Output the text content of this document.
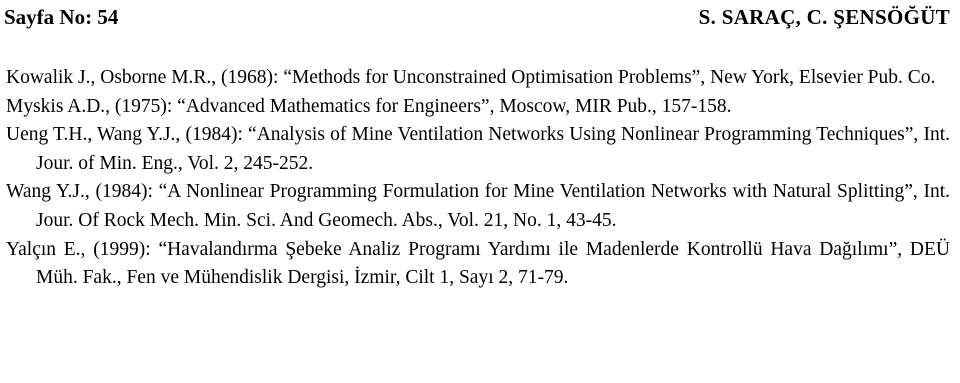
Sayfa No: 54	S. SARAÇ, C. ŞENSÖĞÜT

Kowalik J., Osborne M.R., (1968): “Methods for Unconstrained Optimisation Problems”, New York, Elsevier Pub. Co.

Myskis A.D., (1975): “Advanced Mathematics for Engineers”, Moscow, MIR Pub., 157-158.

Ueng T.H., Wang Y.J., (1984): “Analysis of Mine Ventilation Networks Using Nonlinear Programming Techniques”, Int. Jour. of Min. Eng., Vol. 2, 245-252.

Wang Y.J., (1984): “A Nonlinear Programming Formulation for Mine Ventilation Networks with Natural Splitting”, Int. Jour. Of Rock Mech. Min. Sci. And Geomech. Abs., Vol. 21, No. 1, 43-45.

Yalçın E., (1999): “Havalandırma Şebeke Analiz Programı Yardımı ile Madenlerde Kontrollü Hava Dağılımı”, DEÜ Müh. Fak., Fen ve Mühendislik Dergisi, İzmir, Cilt 1, Sayı 2, 71-79.
